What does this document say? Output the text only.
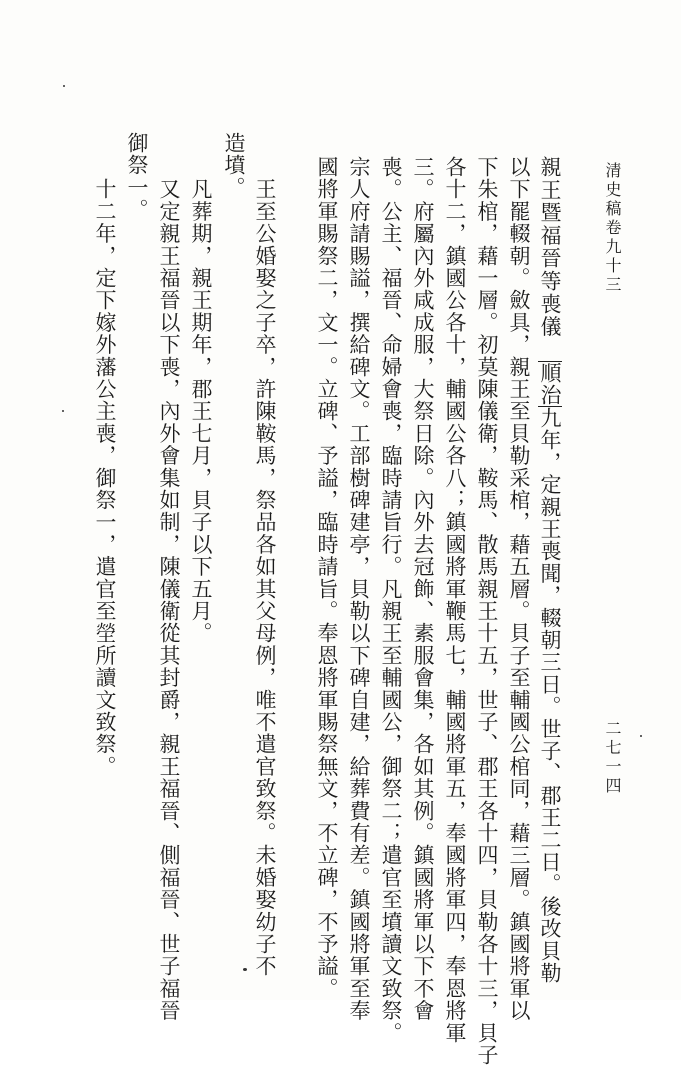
清史稿卷九十三
二七一四
親王暨福晉等喪儀　順治九年，定親王喪聞，輟朝三日。世子、郡王二日。後改貝勒
以下罷輟朝。斂具，親王至貝勒采棺，藉五層。貝子至輔國公棺同，藉三層。鎮國將軍以
下朱棺，藉一層。初莫陳儀衛，鞍馬、散馬親王十五，世子、郡王各十四，貝勒各十三，貝子
各十二，鎮國公各十，輔國公各八；鎮國將軍鞭馬七，輔國將軍五，奉國將軍四，奉恩將軍
三。府屬內外咸成服，大祭日除。內外去冠飾、素服會集，各如其例。鎮國將軍以下不會
喪。公主、福晉、命婦會喪，臨時請旨行。凡親王至輔國公，御祭二；遣官至墳讀文致祭。
宗人府請賜謚，撰給碑文。工部樹碑建亭，貝勒以下碑自建，給葬費有差。鎮國將軍至奉
國將軍賜祭二，文一。立碑、予謚，臨時請旨。奉恩將軍賜祭無文，不立碑，不予謚。
　王至公婚娶之子卒，許陳鞍馬，祭品各如其父母例，唯不遣官致祭。未婚娶幼子不
造墳。
　凡葬期，親王期年，郡王七月，貝子以下五月。
　又定親王福晉以下喪，內外會集如制，陳儀衛從其封爵，親王福晉、側福晉、世子福晉
御祭一。
　十二年，定下嫁外藩公主喪，御祭一，遣官至塋所讀文致祭。
